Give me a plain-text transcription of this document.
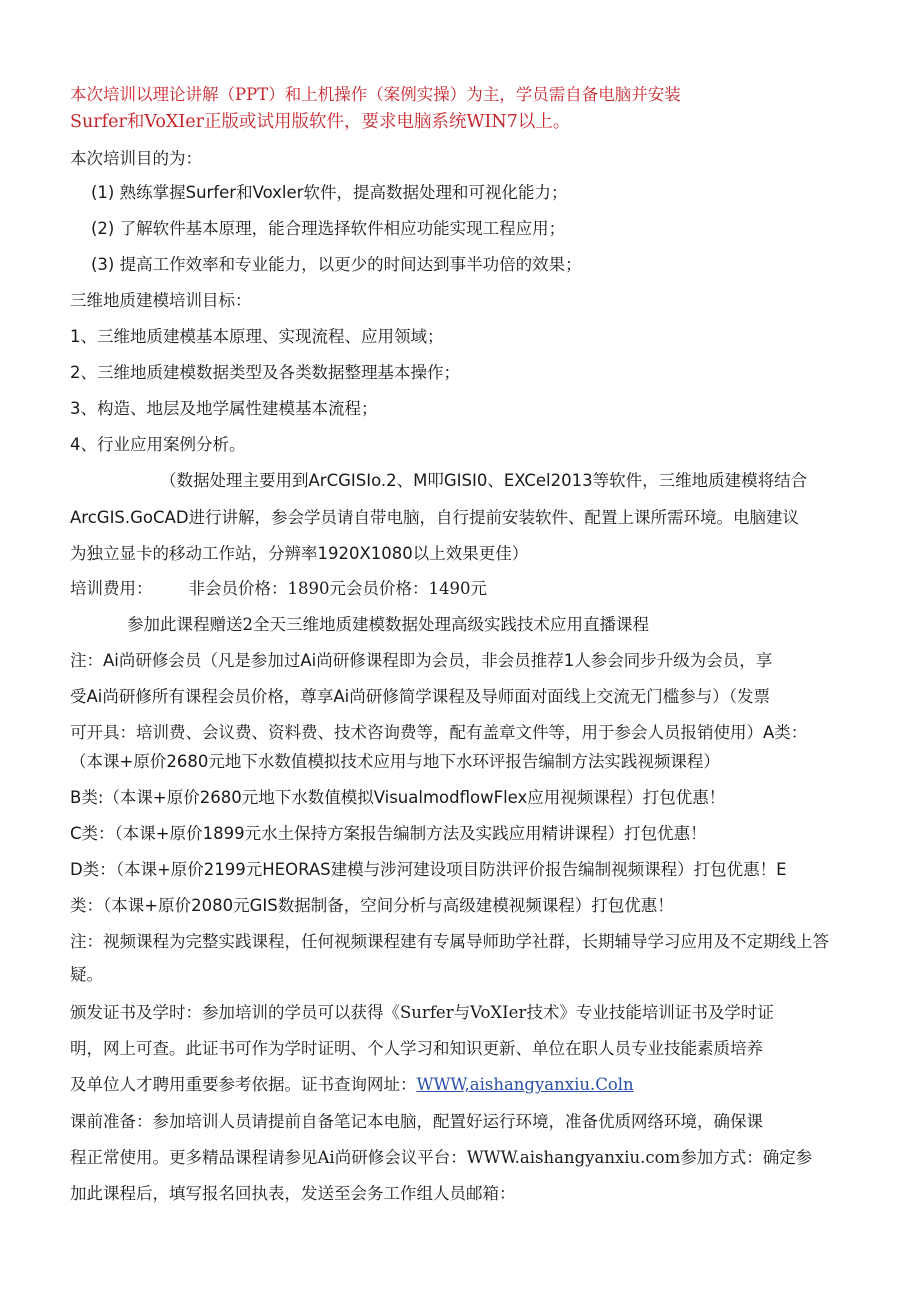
本次培训以理论讲解（PPT）和上机操作（案例实操）为主，学员需自备电脑并安装
Surfer和VoXIer正版或试用版软件，要求电脑系统WIN7以上。
本次培训目的为：
(1) 熟练掌握Surfer和Voxler软件，提高数据处理和可视化能力；
(2) 了解软件基本原理，能合理选择软件相应功能实现工程应用；
(3) 提高工作效率和专业能力，以更少的时间达到事半功倍的效果；
三维地质建模培训目标：
1、三维地质建模基本原理、实现流程、应用领域；
2、三维地质建模数据类型及各类数据整理基本操作；
3、构造、地层及地学属性建模基本流程；
4、行业应用案例分析。
（数据处理主要用到ArCGISIo.2、M叩GISI0、EXCel2013等软件，三维地质建模将结合
ArcGIS.GoCAD进行讲解，参会学员请自带电脑，自行提前安装软件、配置上课所需环境。电脑建议
为独立显卡的移动工作站，分辨率1920X1080以上效果更佳）
培训费用： 非会员价格：1890元会员价格：1490元
参加此课程赠送2全天三维地质建模数据处理高级实践技术应用直播课程
注：Ai尚研修会员（凡是参加过Ai尚研修课程即为会员，非会员推荐1人参会同步升级为会员，享
受Ai尚研修所有课程会员价格，尊享Ai尚研修简学课程及导师面对面线上交流无门槛参与）（发票
可开具：培训费、会议费、资料费、技术咨询费等，配有盖章文件等，用于参会人员报销使用）A类：
（本课+原价2680元地下水数值模拟技术应用与地下水环评报告编制方法实践视频课程）
B类:（本课+原价2680元地下水数值模拟VisualmodflowFlex应用视频课程）打包优惠！
C类：（本课+原价1899元水土保持方案报告编制方法及实践应用精讲课程）打包优惠！
D类：（本课+原价2199元HEORAS建模与涉河建设项目防洪评价报告编制视频课程）打包优惠！E
类：（本课+原价2080元GIS数据制备，空间分析与高级建模视频课程）打包优惠！
注：视频课程为完整实践课程，任何视频课程建有专属导师助学社群，长期辅导学习应用及不定期线上答
疑。
颁发证书及学时：参加培训的学员可以获得《Surfer与VoXIer技术》专业技能培训证书及学时证
明，网上可查。此证书可作为学时证明、个人学习和知识更新、单位在职人员专业技能素质培养
及单位人才聘用重要参考依据。证书查询网址：WWW,aishangyanxiu.Coln
课前准备：参加培训人员请提前自备笔记本电脑，配置好运行环境，准备优质网络环境，确保课
程正常使用。更多精品课程请参见Ai尚研修会议平台：WWW.aishangyanxiu.com参加方式：确定参
加此课程后，填写报名回执表，发送至会务工作组人员邮箱：
